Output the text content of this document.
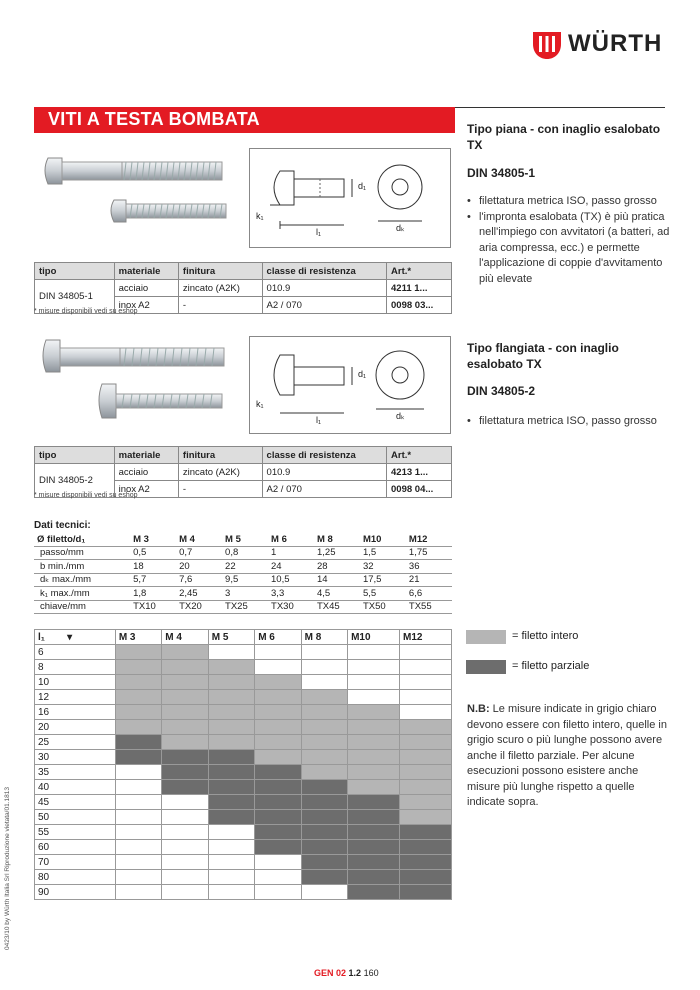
WÜRTH
VITI A TESTA BOMBATA
d₁
k₁
l₁	dₖ
Tipo piana - con inaglio esalobato TX
DIN 34805-1
• filettatura metrica ISO, passo grosso
• l'impronta esalobata (TX) è più pratica nell'impiego con avvitatori (a batteri, ad aria compressa, ecc.) e permette l'applicazione di coppie d'avvitamento più elevate
tipo	materiale	finitura	classe di resistenza	Art.*
DIN 34805-1	acciaio	zincato (A2K)	010.9	4211 1...
	inox A2	-	A2 / 070	0098 03...
* misure disponibili vedi su eshop
d₁
k₁
l₁	dₖ
Tipo flangiata - con inaglio esalobato TX
DIN 34805-2
• filettatura metrica ISO, passo grosso
tipo	materiale	finitura	classe di resistenza	Art.*
DIN 34805-2	acciaio	zincato (A2K)	010.9	4213 1...
	inox A2	-	A2 / 070	0098 04...
* misure disponibili vedi su eshop
Dati tecnici:
Ø filetto/d₁	M 3	M 4	M 5	M 6	M 8	M10	M12
passo/mm	0,5	0,7	0,8	1	1,25	1,5	1,75
b min./mm	18	20	22	24	28	32	36
dₖ max./mm	5,7	7,6	9,5	10,5	14	17,5	21
k₁ max./mm	1,8	2,45	3	3,3	4,5	5,5	6,6
chiave/mm	TX10	TX20	TX25	TX30	TX45	TX50	TX55
l₁ ▾	M 3	M 4	M 5	M 6	M 8	M10	M12
6							
8							
10							
12							
16							
20							
25							
30							
35							
40							
45							
50							
55							
60							
70							
80							
90							
= filetto intero
= filetto parziale
N.B: Le misure indicate in grigio chiaro devono essere con filetto intero, quelle in grigio scuro o più lunghe possono avere anche il filetto parziale. Per alcune esecuzioni possono esistere anche misure più lunghe rispetto a quelle indicate sopra.
0423/10 by Würth Italia Srl Riproduzione vietata/01.1813
GEN 02 1.2 160
